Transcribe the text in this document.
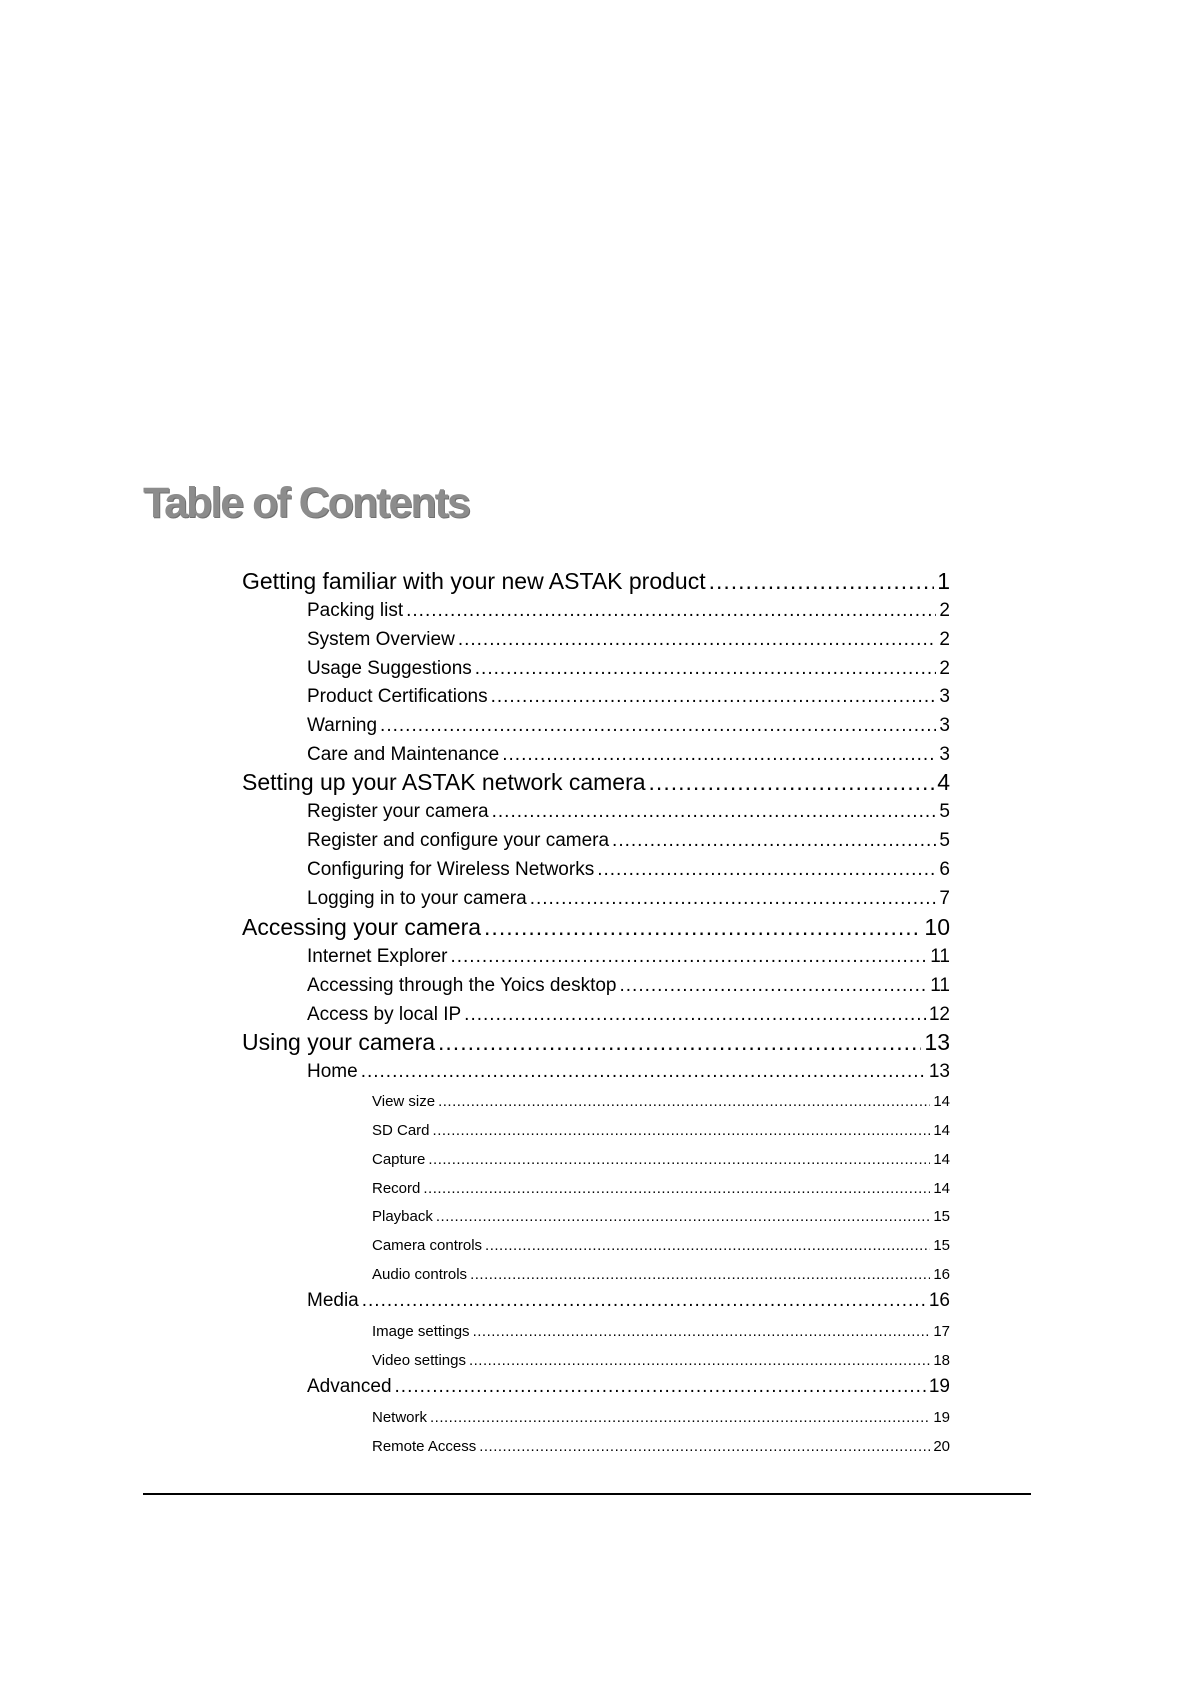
Table of Contents
Getting familiar with your new ASTAK product .....	1
Packing list .....	2
System Overview .....	2
Usage Suggestions .....	2
Product Certifications .....	3
Warning .....	3
Care and Maintenance .....	3
Setting up your ASTAK network camera .....	4
Register your camera .....	5
Register and configure your camera .....	5
Configuring for Wireless Networks .....	6
Logging in to your camera .....	7
Accessing your camera .....	10
Internet Explorer .....	11
Accessing through the Yoics desktop .....	11
Access by local IP .....	12
Using your camera .....	13
Home .....	13
View size .....	14
SD Card .....	14
Capture .....	14
Record .....	14
Playback .....	15
Camera controls .....	15
Audio controls .....	16
Media .....	16
Image settings .....	17
Video settings .....	18
Advanced .....	19
Network .....	19
Remote Access .....	20
